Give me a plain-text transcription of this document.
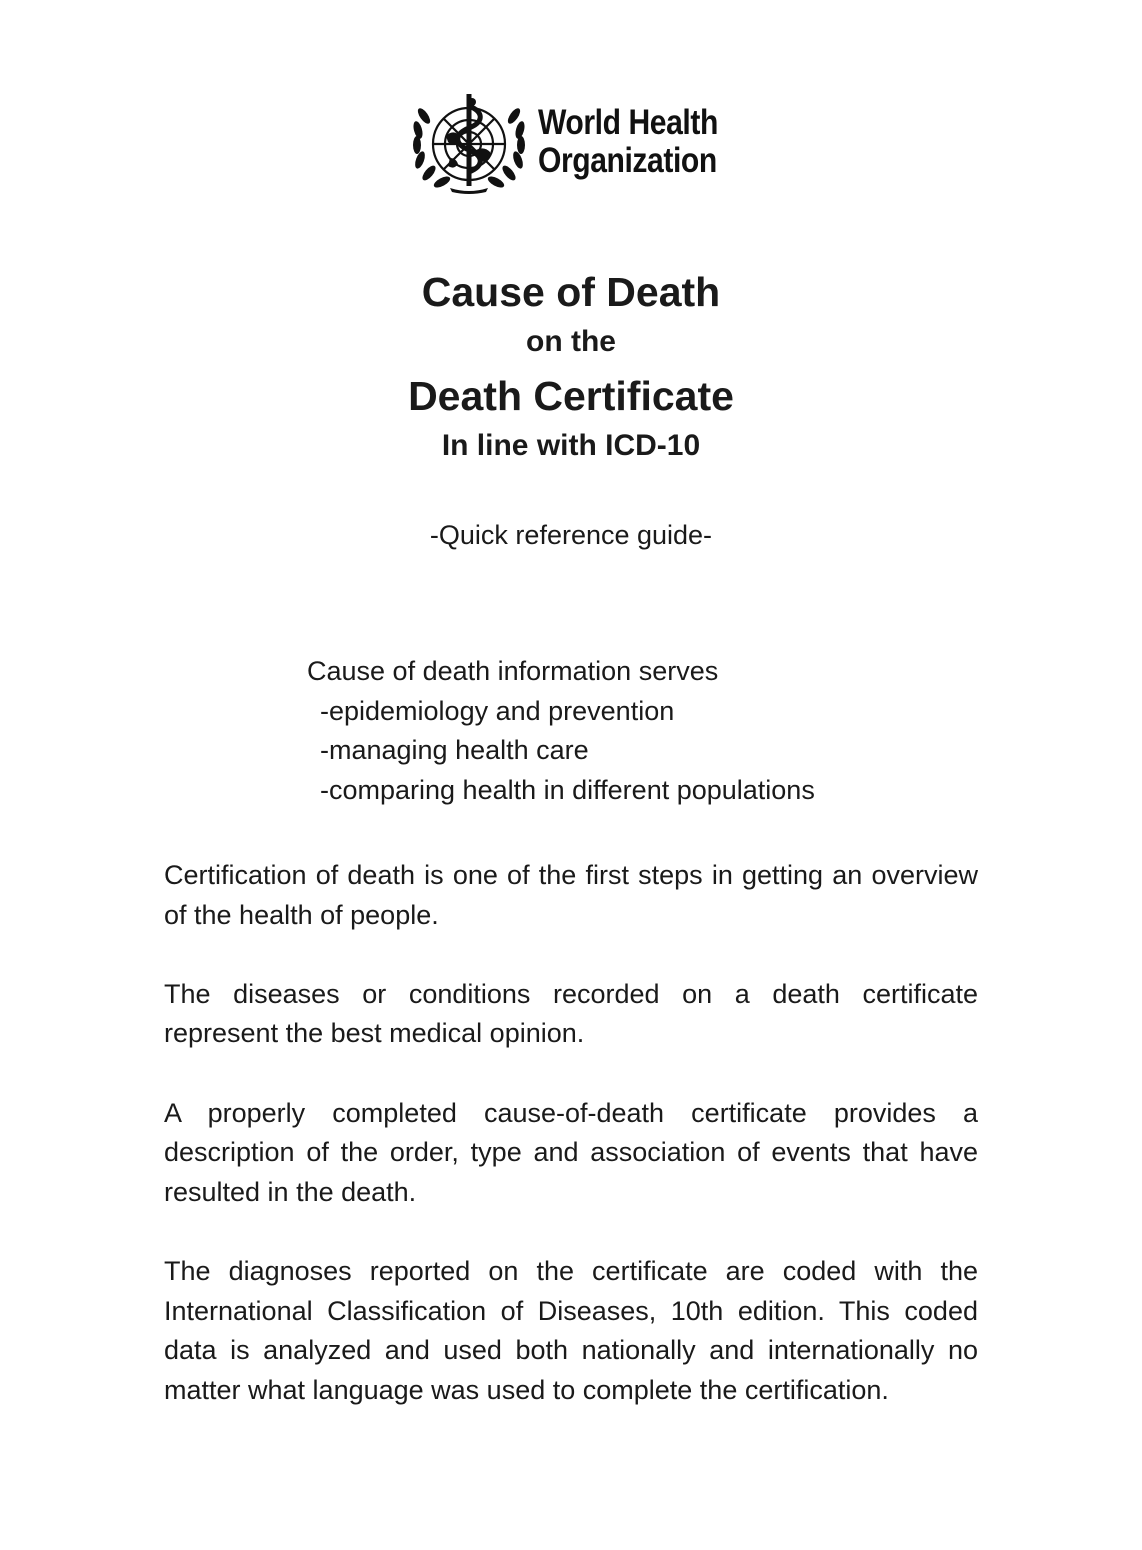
World Health
Organization
Cause of Death
on the
Death Certificate
In line with ICD-10
-Quick reference guide-

Cause of death information serves

-epidemiology and prevention
-managing health care
-comparing health in different populations

Certification of death is one of the first steps in getting an overview of the health of people.

The diseases or conditions recorded on a death certificate represent the best medical opinion.

A properly completed cause-of-death certificate provides a description of the order, type and association of events that have resulted in the death.

The diagnoses reported on the certificate are coded with the International Classification of Diseases, 10th edition. This coded data is analyzed and used both nationally and internationally no matter what language was used to complete the certification.
